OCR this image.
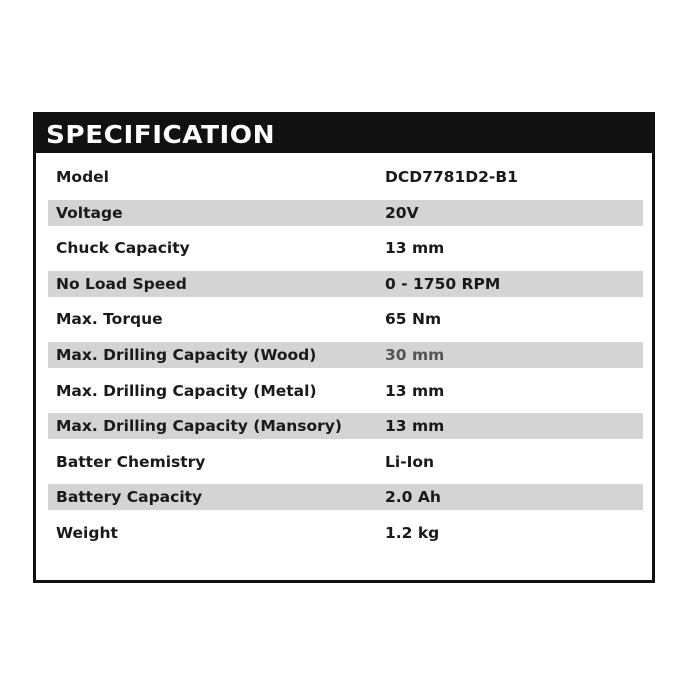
SPECIFICATION
Model	DCD7781D2-B1
Voltage	20V
Chuck Capacity	13 mm
No Load Speed	0 - 1750 RPM
Max. Torque	65 Nm
Max. Drilling Capacity (Wood)	30 mm
Max. Drilling Capacity (Metal)	13 mm
Max. Drilling Capacity (Mansory)	13 mm
Batter Chemistry	Li-Ion
Battery Capacity	2.0 Ah
Weight	1.2 kg
